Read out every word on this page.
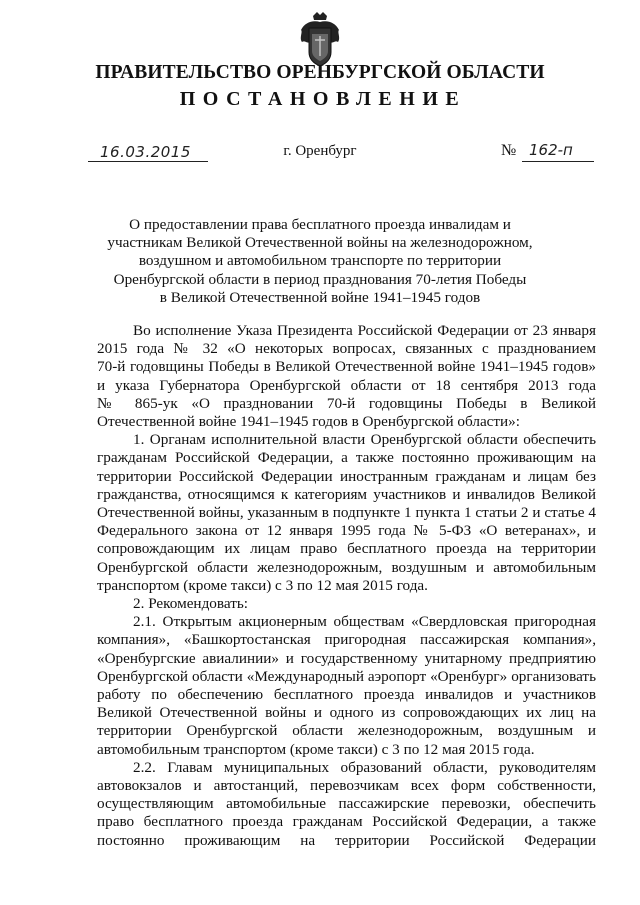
ПРАВИТЕЛЬСТВО ОРЕНБУРГСКОЙ ОБЛАСТИ
ПОСТАНОВЛЕНИЕ
16.03.2015	г. Оренбург	№ 162-п
О предоставлении права бесплатного проезда инвалидам и
участникам Великой Отечественной войны на железнодорожном,
воздушном и автомобильном транспорте по территории
Оренбургской области в период празднования 70-летия Победы
в Великой Отечественной войне 1941–1945 годов
Во исполнение Указа Президента Российской Федерации от 23 января
2015 года № 32 «О некоторых вопросах, связанных с празднованием
70-й годовщины Победы в Великой Отечественной войне 1941–1945 годов»
и указа Губернатора Оренбургской области от 18 сентября 2013 года
№ 865-ук «О праздновании 70-й годовщины Победы в Великой
Отечественной войне 1941–1945 годов в Оренбургской области»:
1. Органам исполнительной власти Оренбургской области обеспечить
гражданам Российской Федерации, а также постоянно проживающим на
территории Российской Федерации иностранным гражданам и лицам без
гражданства, относящимся к категориям участников и инвалидов Великой
Отечественной войны, указанным в подпункте 1 пункта 1 статьи 2 и статье 4
Федерального закона от 12 января 1995 года № 5-ФЗ «О ветеранах», и
сопровождающим их лицам право бесплатного проезда на территории
Оренбургской области железнодорожным, воздушным и автомобильным
транспортом (кроме такси) с 3 по 12 мая 2015 года.
2. Рекомендовать:
2.1. Открытым акционерным обществам «Свердловская пригородная
компания», «Башкортостанская пригородная пассажирская компания»,
«Оренбургские авиалинии» и государственному унитарному предприятию
Оренбургской области «Международный аэропорт «Оренбург» организовать
работу по обеспечению бесплатного проезда инвалидов и участников
Великой Отечественной войны и одного из сопровождающих их лиц на
территории Оренбургской области железнодорожным, воздушным и
автомобильным транспортом (кроме такси) с 3 по 12 мая 2015 года.
2.2. Главам муниципальных образований области, руководителям
автовокзалов и автостанций, перевозчикам всех форм собственности,
осуществляющим автомобильные пассажирские перевозки, обеспечить
право бесплатного проезда гражданам Российской Федерации, а также
постоянно проживающим на территории Российской Федерации
